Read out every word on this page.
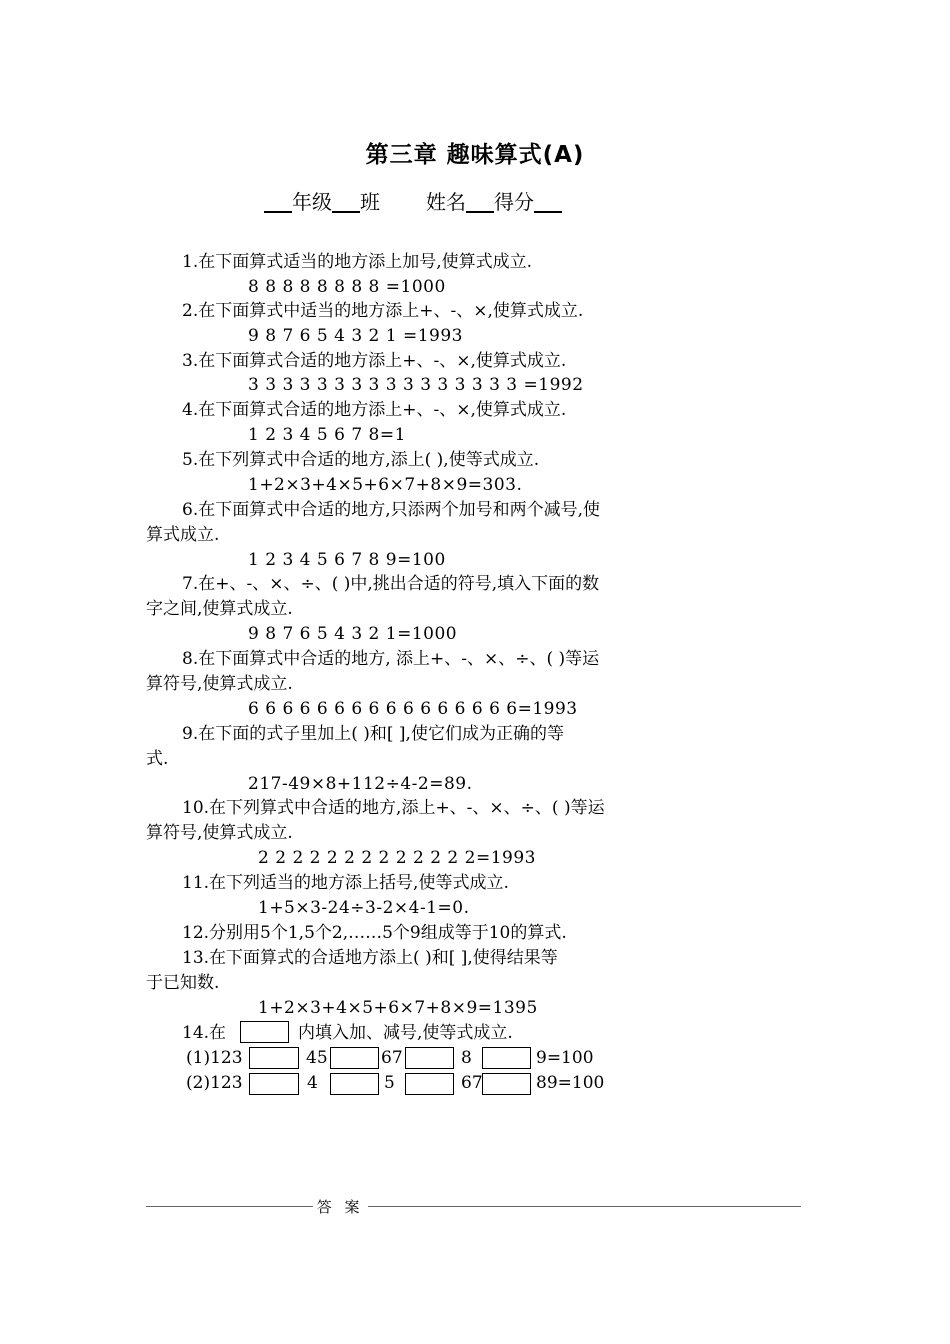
第三章 趣味算式(A)
年级 班 姓名 得分
1.在下面算式适当的地方添上加号,使算式成立.
8 8 8 8 8 8 8 8 =1000
2.在下面算式中适当的地方添上+、-、×,使算式成立.
9 8 7 6 5 4 3 2 1 =1993
3.在下面算式合适的地方添上+、-、×,使算式成立.
3 3 3 3 3 3 3 3 3 3 3 3 3 3 3 3 =1992
4.在下面算式合适的地方添上+、-、×,使算式成立.
1 2 3 4 5 6 7 8=1
5.在下列算式中合适的地方,添上( ),使等式成立.
1+2×3+4×5+6×7+8×9=303.
6.在下面算式中合适的地方,只添两个加号和两个减号,使
算式成立.
1 2 3 4 5 6 7 8 9=100
7.在+、-、×、÷、( )中,挑出合适的符号,填入下面的数
字之间,使算式成立.
9 8 7 6 5 4 3 2 1=1000
8.在下面算式中合适的地方, 添上+、-、×、÷、( )等运
算符号,使算式成立.
6 6 6 6 6 6 6 6 6 6 6 6 6 6 6 6=1993
9.在下面的式子里加上( )和[ ],使它们成为正确的等
式.
217-49×8+112÷4-2=89.
10.在下列算式中合适的地方,添上+、-、×、÷、( )等运
算符号,使算式成立.
2 2 2 2 2 2 2 2 2 2 2 2 2=1993
11.在下列适当的地方添上括号,使等式成立.
1+5×3-24÷3-2×4-1=0.
12.分别用5个1,5个2,……5个9组成等于10的算式.
13.在下面算式的合适地方添上( )和[ ],使得结果等
于已知数.
1+2×3+4×5+6×7+8×9=1395
14.在	内填入加、减号,使等式成立.
(1)123	45	67	8	9=100
(2)123	4	5	67	89=100
答 案
